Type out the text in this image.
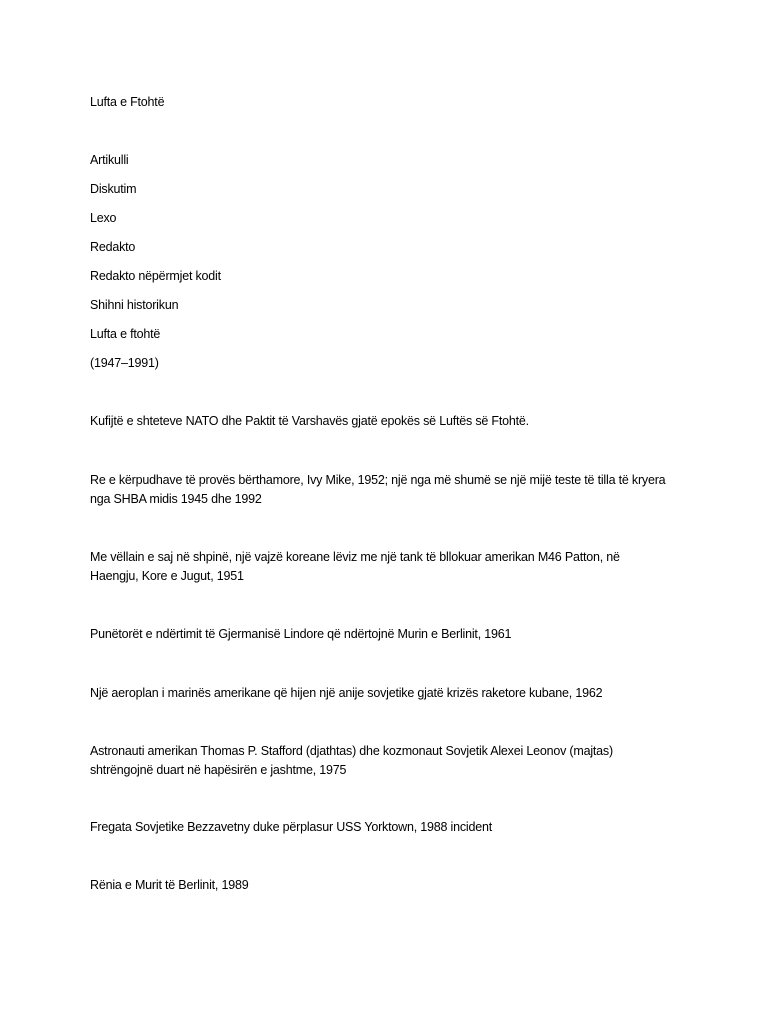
Lufta e Ftohtë
Artikulli
Diskutim
Lexo
Redakto
Redakto nëpërmjet kodit
Shihni historikun
Lufta e ftohtë
(1947–1991)
Kufijtë e shteteve NATO dhe Paktit të Varshavës gjatë epokës së Luftës së Ftohtë.
Re e kërpudhave të provës bërthamore, Ivy Mike, 1952; një nga më shumë se një mijë teste të tilla të kryera nga SHBA midis 1945 dhe 1992
Me vëllain e saj në shpinë, një vajzë koreane lëviz me një tank të bllokuar amerikan M46 Patton, në Haengju, Kore e Jugut, 1951
Punëtorët e ndërtimit të Gjermanisë Lindore që ndërtojnë Murin e Berlinit, 1961
Një aeroplan i marinës amerikane që hijen një anije sovjetike gjatë krizës raketore kubane, 1962
Astronauti amerikan Thomas P. Stafford (djathtas) dhe kozmonaut Sovjetik Alexei Leonov (majtas) shtrëngojnë duart në hapësirën e jashtme, 1975
Fregata Sovjetike Bezzavetny duke përplasur USS Yorktown, 1988 incident
Rënia e Murit të Berlinit, 1989
